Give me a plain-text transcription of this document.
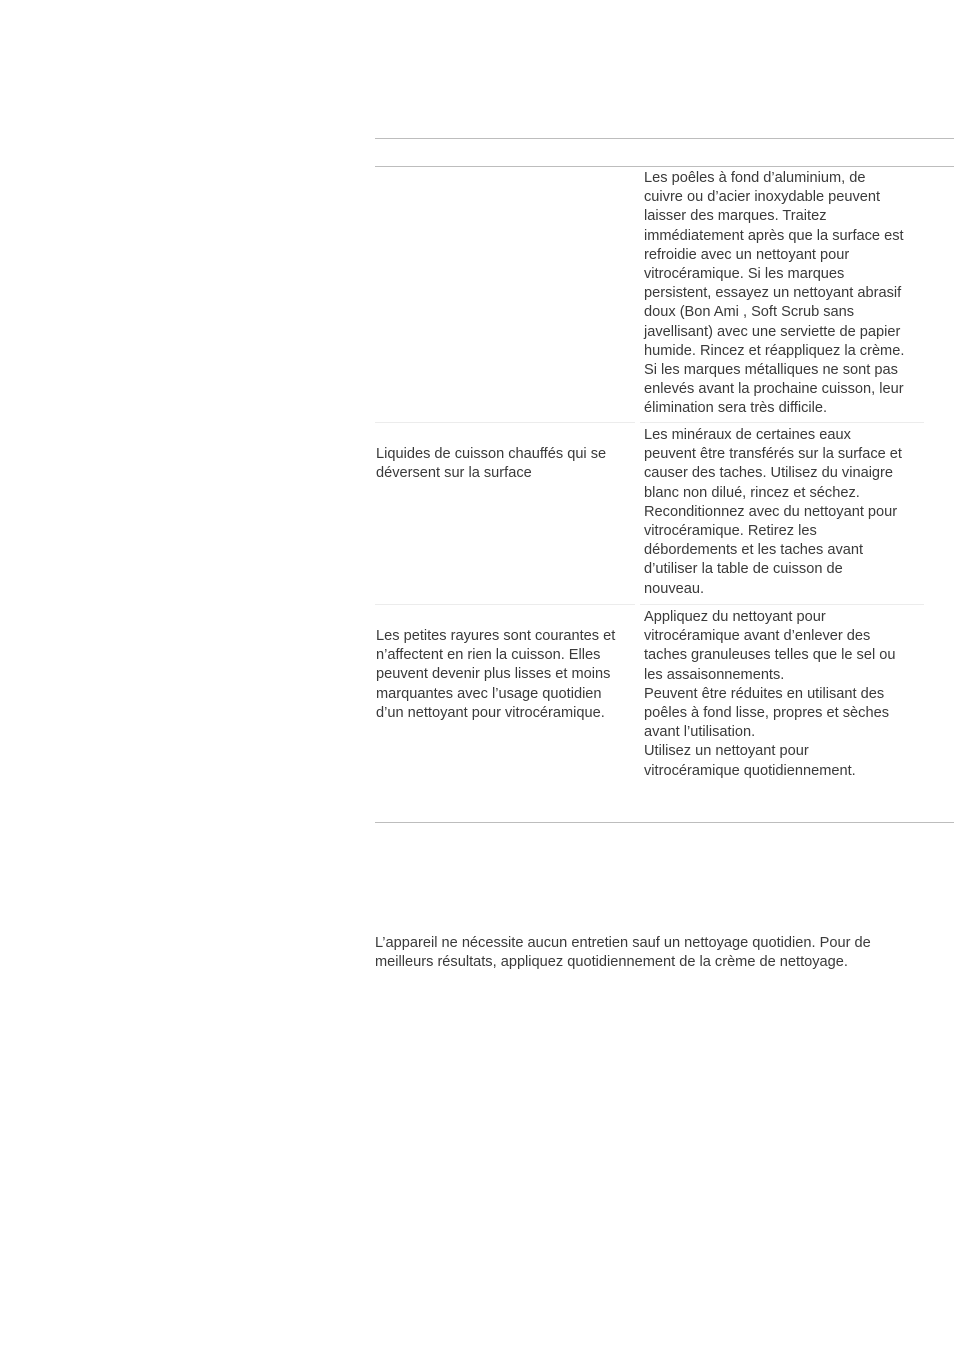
Les poêles à fond d’aluminium, de
cuivre ou d’acier inoxydable peuvent
laisser des marques. Traitez
immédiatement après que la surface est
refroidie avec un nettoyant pour
vitrocéramique. Si les marques
persistent, essayez un nettoyant abrasif
doux (Bon Ami , Soft Scrub sans
javellisant) avec une serviette de papier
humide. Rincez et réappliquez la crème.
Si les marques métalliques ne sont pas
enlevés avant la prochaine cuisson, leur
élimination sera très difficile.
Liquides de cuisson chauffés qui se
déversent sur la surface
Les minéraux de certaines eaux
peuvent être transférés sur la surface et
causer des taches. Utilisez du vinaigre
blanc non dilué, rincez et séchez.
Reconditionnez avec du nettoyant pour
vitrocéramique. Retirez les
débordements et les taches avant
d’utiliser la table de cuisson de
nouveau.
Les petites rayures sont courantes et
n’affectent en rien la cuisson. Elles
peuvent devenir plus lisses et moins
marquantes avec l’usage quotidien
d’un nettoyant pour vitrocéramique.
Appliquez du nettoyant pour
vitrocéramique avant d’enlever des
taches granuleuses telles que le sel ou
les assaisonnements.
Peuvent être réduites en utilisant des
poêles à fond lisse, propres et sèches
avant l’utilisation.
Utilisez un nettoyant pour
vitrocéramique quotidiennement.
L’appareil ne nécessite aucun entretien sauf un nettoyage quotidien. Pour de
meilleurs résultats, appliquez quotidiennement de la crème de nettoyage.
